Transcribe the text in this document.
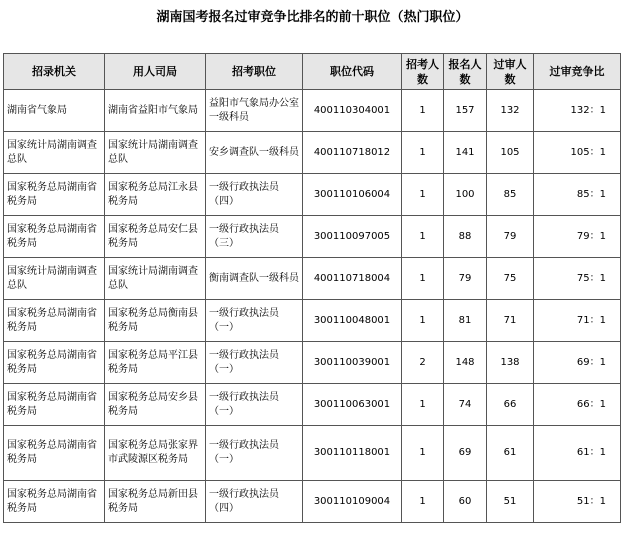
湖南国考报名过审竞争比排名的前十职位（热门职位）
招录机关	用人司局	招考职位	职位代码	招考人数	报名人数	过审人数	过审竞争比
湖南省气象局	湖南省益阳市气象局	益阳市气象局办公室一级科员	400110304001	1	157	132	132：1
国家统计局湖南调查总队	国家统计局湖南调查总队	安乡调查队一级科员	400110718012	1	141	105	105：1
国家税务总局湖南省税务局	国家税务总局江永县税务局	一级行政执法员（四）	300110106004	1	100	85	85：1
国家税务总局湖南省税务局	国家税务总局安仁县税务局	一级行政执法员（三）	300110097005	1	88	79	79：1
国家统计局湖南调查总队	国家统计局湖南调查总队	衡南调查队一级科员	400110718004	1	79	75	75：1
国家税务总局湖南省税务局	国家税务总局衡南县税务局	一级行政执法员（一）	300110048001	1	81	71	71：1
国家税务总局湖南省税务局	国家税务总局平江县税务局	一级行政执法员（一）	300110039001	2	148	138	69：1
国家税务总局湖南省税务局	国家税务总局安乡县税务局	一级行政执法员（一）	300110063001	1	74	66	66：1
国家税务总局湖南省税务局	国家税务总局张家界市武陵源区税务局	一级行政执法员（一）	300110118001	1	69	61	61：1
国家税务总局湖南省税务局	国家税务总局新田县税务局	一级行政执法员（四）	300110109004	1	60	51	51：1
